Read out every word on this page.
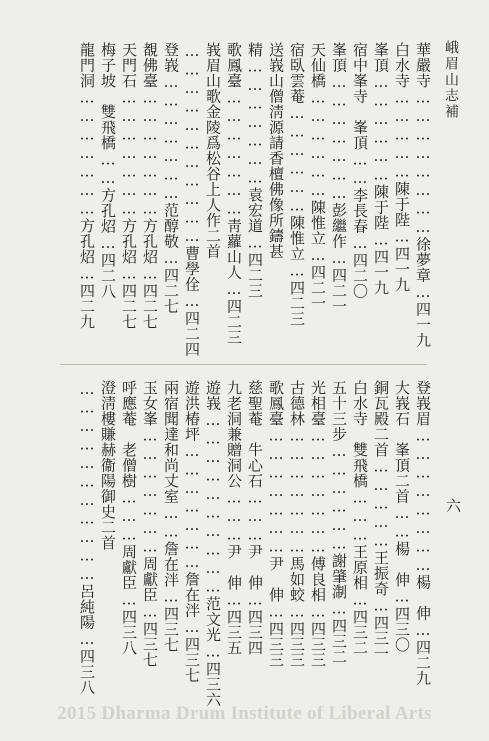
峨眉山志補
六
華嚴寺……………………徐夢章…四一九
白水寺……………陳于陛…四一九
峯頂………………陳于陛…四一九
宿中峯寺　峯頂……李長春…四二〇
峯頂…………………彭繼作…四二一
天仙橋………………陳惟立…四二一
宿臥雲菴………………陳惟立…四二三
送峩山僧淸源請香檀佛像所鑄甚
精…………………袁宏道…四二三
歌鳳臺…………………靑蘿山人…四二三
峩眉山歌金陵爲松谷上人作二首
……………………………曹學佺…四二四
登峩…………………范醇敬…四二七
覩佛臺…………………方孔炤…四二七
天門石…………………方孔炤…四二七
梅子坡　雙飛橋……方孔炤…四二八
龍門洞…………………方孔炤…四二九
登峩眉……………………楊　伸…四二九
大峩石　峯頂二首……楊　伸…四三〇
銅瓦殿二首……………王振奇…四三一
白水寺　雙飛橋………王原相…四三二
五十三步………………謝肇淛…四三二
光相臺…………………傅良相…四三三
古德林…………………馬如蛟…四三三
歌鳳臺…………………尹　伸…四三三
慈聖菴　牛心石………尹　伸…四三四
九老洞兼贈洞公………尹　伸…四三五
遊峩…………………………范文光…四三六
遊洪椿坪…………………詹在泮…四三七
兩宿聞達和尚丈室……詹在泮…四三七
玉女峯…………………周獻臣…四三七
呼應菴　老僧樹………周獻臣…四三八
澄淸樓賺赫衞陽御史二首
……………………………呂純陽…四三八
2015 Dharma Drum Institute of Liberal Arts
